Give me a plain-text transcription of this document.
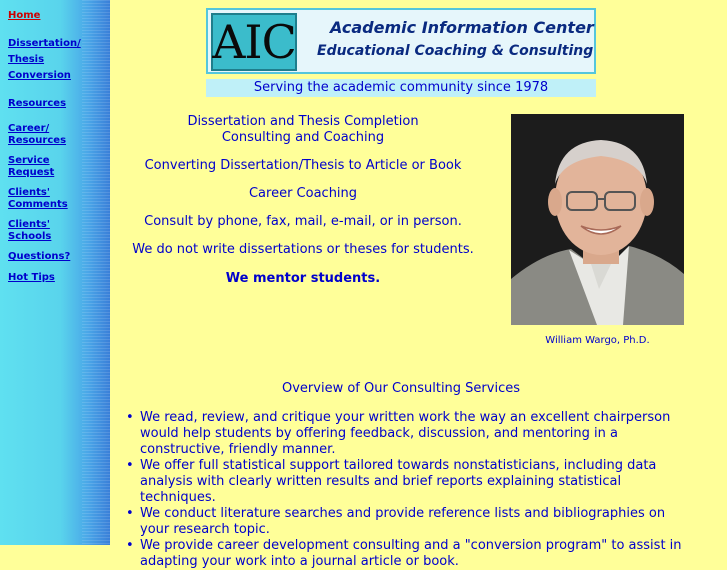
Home
Dissertation/
Thesis
Conversion
Resources
Career/
Resources
Service
Request
Clients'
Comments
Clients'
Schools
Questions?
Hot Tips
AIC Academic Information Center
Educational Coaching & Consulting
Serving the academic community since 1978
Dissertation and Thesis Completion
Consulting and Coaching
Converting Dissertation/Thesis to Article or Book
Career Coaching
Consult by phone, fax, mail, e-mail, or in person.
We do not write dissertations or theses for students.
We mentor students.
William Wargo, Ph.D.
Overview of Our Consulting Services
• We read, review, and critique your written work the way an excellent chairperson would help students by offering feedback, discussion, and mentoring in a constructive, friendly manner.
• We offer full statistical support tailored towards nonstatisticians, including data analysis with clearly written results and brief reports explaining statistical techniques.
• We conduct literature searches and provide reference lists and bibliographies on your research topic.
• We provide career development consulting and a "conversion program" to assist in adapting your work into a journal article or book.
